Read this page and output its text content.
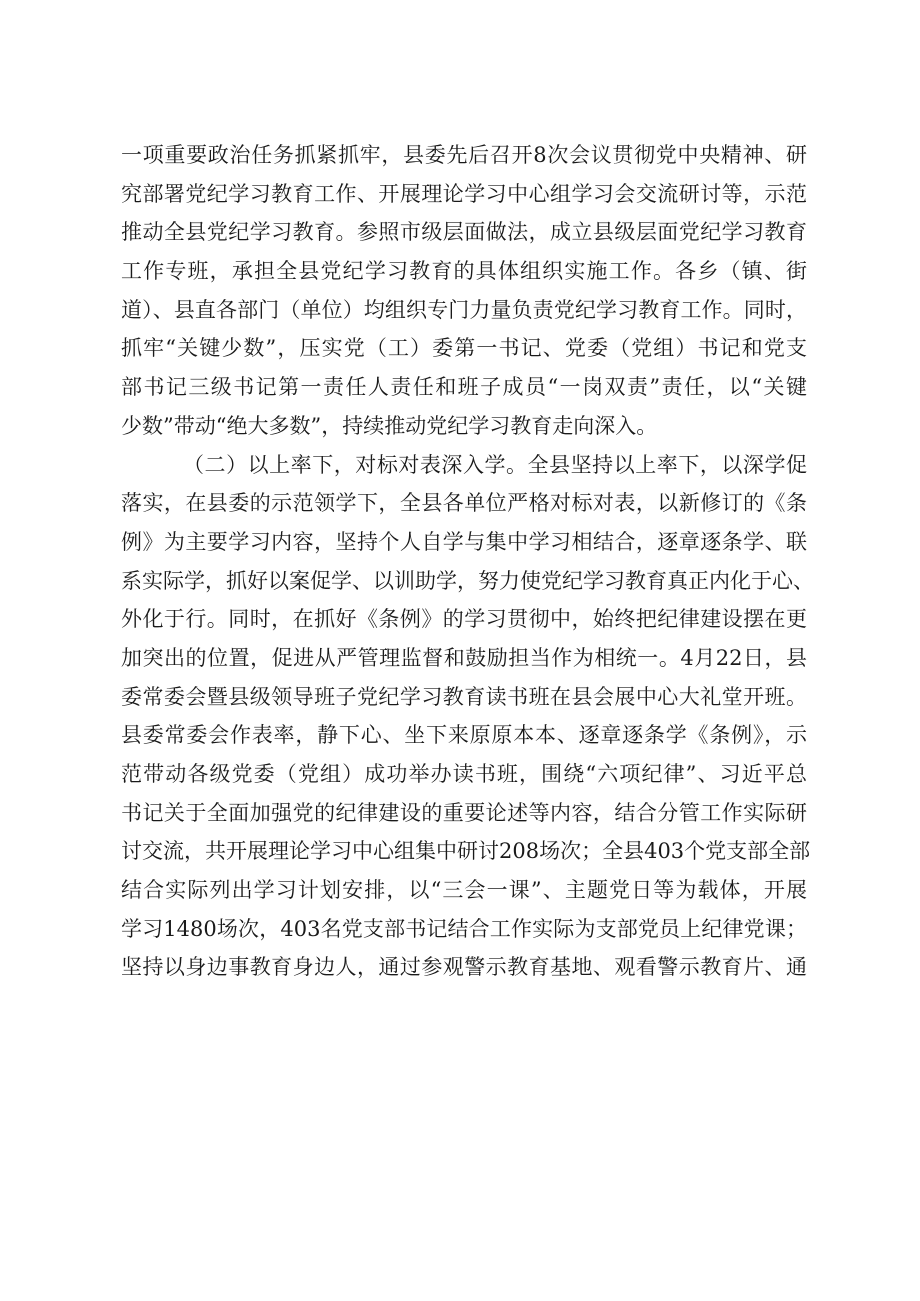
一项重要政治任务抓紧抓牢，县委先后召开8次会议贯彻党中央精神、研
究部署党纪学习教育工作、开展理论学习中心组学习会交流研讨等，示范
推动全县党纪学习教育。参照市级层面做法，成立县级层面党纪学习教育
工作专班，承担全县党纪学习教育的具体组织实施工作。各乡（镇、街
道）、县直各部门（单位）均组织专门力量负责党纪学习教育工作。同时，
抓牢“关键少数”，压实党（工）委第一书记、党委（党组）书记和党支
部书记三级书记第一责任人责任和班子成员“一岗双责”责任，以“关键
少数”带动“绝大多数”，持续推动党纪学习教育走向深入。
（二）以上率下，对标对表深入学。全县坚持以上率下，以深学促
落实，在县委的示范领学下，全县各单位严格对标对表，以新修订的《条
例》为主要学习内容，坚持个人自学与集中学习相结合，逐章逐条学、联
系实际学，抓好以案促学、以训助学，努力使党纪学习教育真正内化于心、
外化于行。同时，在抓好《条例》的学习贯彻中，始终把纪律建设摆在更
加突出的位置，促进从严管理监督和鼓励担当作为相统一。4月22日，县
委常委会暨县级领导班子党纪学习教育读书班在县会展中心大礼堂开班。
县委常委会作表率，静下心、坐下来原原本本、逐章逐条学《条例》，示
范带动各级党委（党组）成功举办读书班，围绕“六项纪律”、习近平总
书记关于全面加强党的纪律建设的重要论述等内容，结合分管工作实际研
讨交流，共开展理论学习中心组集中研讨208场次；全县403个党支部全部
结合实际列出学习计划安排，以“三会一课”、主题党日等为载体，开展
学习1480场次，403名党支部书记结合工作实际为支部党员上纪律党课；
坚持以身边事教育身边人，通过参观警示教育基地、观看警示教育片、通
